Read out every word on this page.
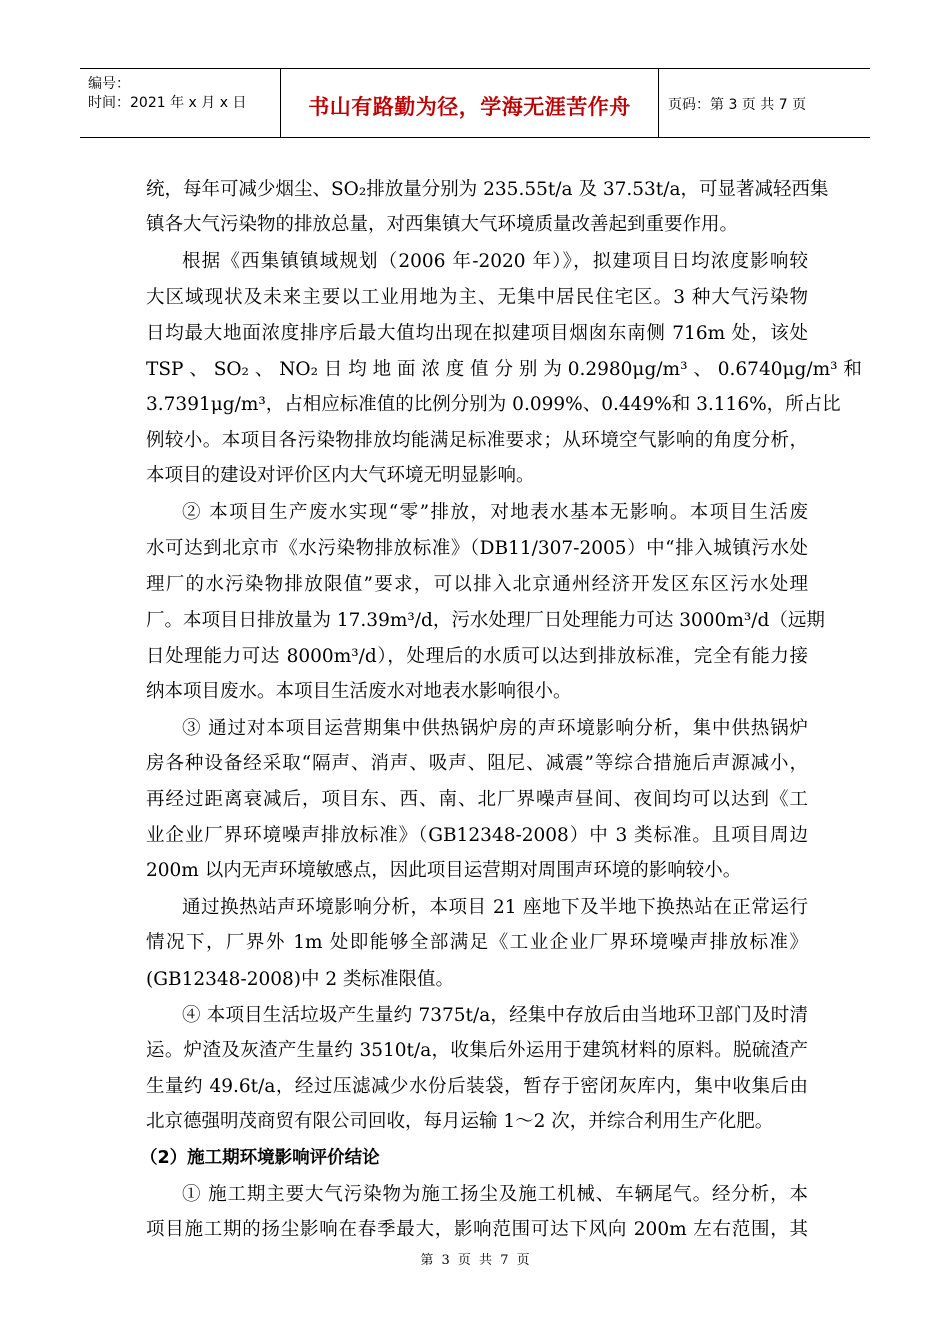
编号：
时间：2021 年 x 月 x 日	书山有路勤为径，学海无涯苦作舟	页码：第 3 页 共 7 页
统，每年可减少烟尘、SO₂排放量分别为 235.55t/a 及 37.53t/a，可显著减轻西集
镇各大气污染物的排放总量，对西集镇大气环境质量改善起到重要作用。
根据《西集镇镇域规划（2006 年-2020 年）》，拟建项目日均浓度影响较
大区域现状及未来主要以工业用地为主、无集中居民住宅区。3 种大气污染物
日均最大地面浓度排序后最大值均出现在拟建项目烟囱东南侧 716m 处，该处
TSP 、 SO₂ 、 NO₂ 日 均 地 面 浓 度 值 分 别 为 0.2980μg/m³ 、 0.6740μg/m³ 和
3.7391μg/m³，占相应标准值的比例分别为 0.099%、0.449%和 3.116%，所占比
例较小。本项目各污染物排放均能满足标准要求；从环境空气影响的角度分析，
本项目的建设对评价区内大气环境无明显影响。
② 本项目生产废水实现“零”排放，对地表水基本无影响。本项目生活废
水可达到北京市《水污染物排放标准》（DB11/307-2005）中“排入城镇污水处
理厂的水污染物排放限值”要求，可以排入北京通州经济开发区东区污水处理
厂。本项目日排放量为 17.39m³/d，污水处理厂日处理能力可达 3000m³/d（远期
日处理能力可达 8000m³/d），处理后的水质可以达到排放标准，完全有能力接
纳本项目废水。本项目生活废水对地表水影响很小。
③ 通过对本项目运营期集中供热锅炉房的声环境影响分析，集中供热锅炉
房各种设备经采取“隔声、消声、吸声、阻尼、减震”等综合措施后声源减小，
再经过距离衰减后，项目东、西、南、北厂界噪声昼间、夜间均可以达到《工
业企业厂界环境噪声排放标准》（GB12348-2008）中 3 类标准。且项目周边
200m 以内无声环境敏感点，因此项目运营期对周围声环境的影响较小。
通过换热站声环境影响分析，本项目 21 座地下及半地下换热站在正常运行
情况下，厂界外 1m 处即能够全部满足《工业企业厂界环境噪声排放标准》
(GB12348-2008)中 2 类标准限值。
④ 本项目生活垃圾产生量约 7375t/a，经集中存放后由当地环卫部门及时清
运。炉渣及灰渣产生量约 3510t/a，收集后外运用于建筑材料的原料。脱硫渣产
生量约 49.6t/a，经过压滤减少水份后装袋，暂存于密闭灰库内，集中收集后由
北京德强明茂商贸有限公司回收，每月运输 1～2 次，并综合利用生产化肥。
（2）施工期环境影响评价结论
① 施工期主要大气污染物为施工扬尘及施工机械、车辆尾气。经分析，本
项目施工期的扬尘影响在春季最大，影响范围可达下风向 200m 左右范围，其
第 3 页 共 7 页
